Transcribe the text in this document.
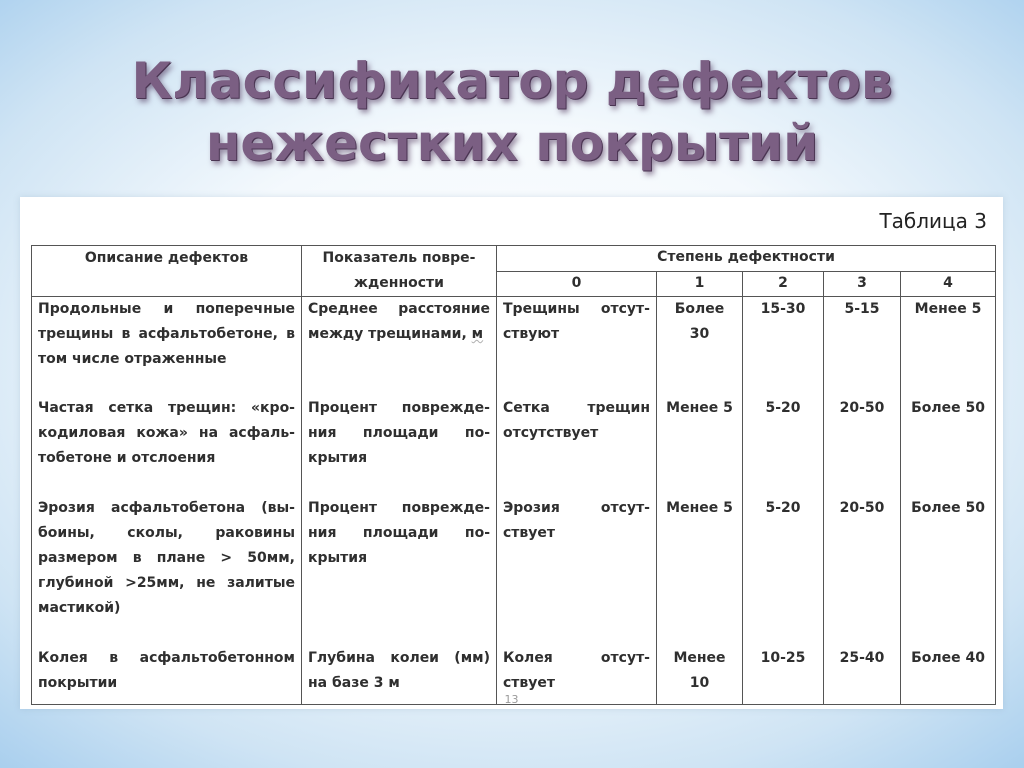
Классификатор дефектов
нежестких покрытий
Таблица 3
Описание дефектов	Показатель повре- жденности	Степень дефектности				
		0	1	2	3	4
Продольные и поперечные трещины в асфальтобетоне, в том числе отраженные	Среднее расстояние между трещинами, м	Трещины отсут- ствуют	Более 30	15-30	5-15	Менее 5
Частая сетка трещин: «кро- кодиловая кожа» на асфаль- тобетоне и отслоения	Процент поврежде- ния площади по- крытия	Сетка трещин отсутствует	Менее 5	5-20	20-50	Более 50
Эрозия асфальтобетона (вы- боины, сколы, раковины размером в плане > 50мм, глубиной >25мм, не залитые мастикой)	Процент поврежде- ния площади по- крытия	Эрозия отсут- ствует	Менее 5	5-20	20-50	Более 50
Колея в асфальтобетонном покрытии	Глубина колеи (мм) на базе 3 м	Колея отсут- ствует	Менее 10	10-25	25-40	Более 40
13
